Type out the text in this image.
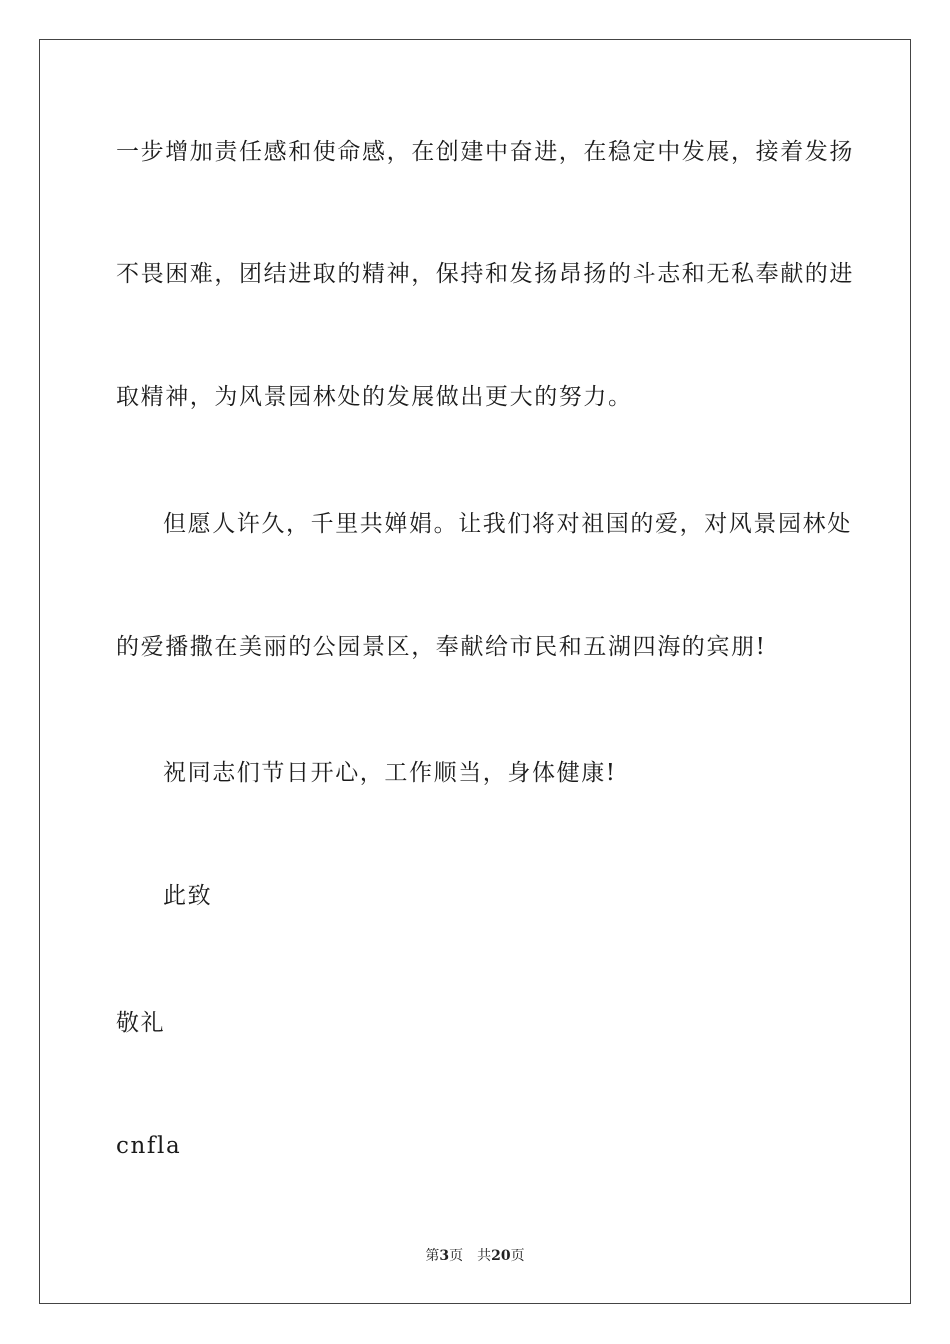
一步增加责任感和使命感，在创建中奋进，在稳定中发展，接着发扬
不畏困难，团结进取的精神，保持和发扬昂扬的斗志和无私奉献的进
取精神，为风景园林处的发展做出更大的努力。
但愿人许久，千里共婵娟。让我们将对祖国的爱，对风景园林处
的爱播撒在美丽的公园景区，奉献给市民和五湖四海的宾朋!
祝同志们节日开心，工作顺当，身体健康!
此致
敬礼
cnfla
第3页 共20页
